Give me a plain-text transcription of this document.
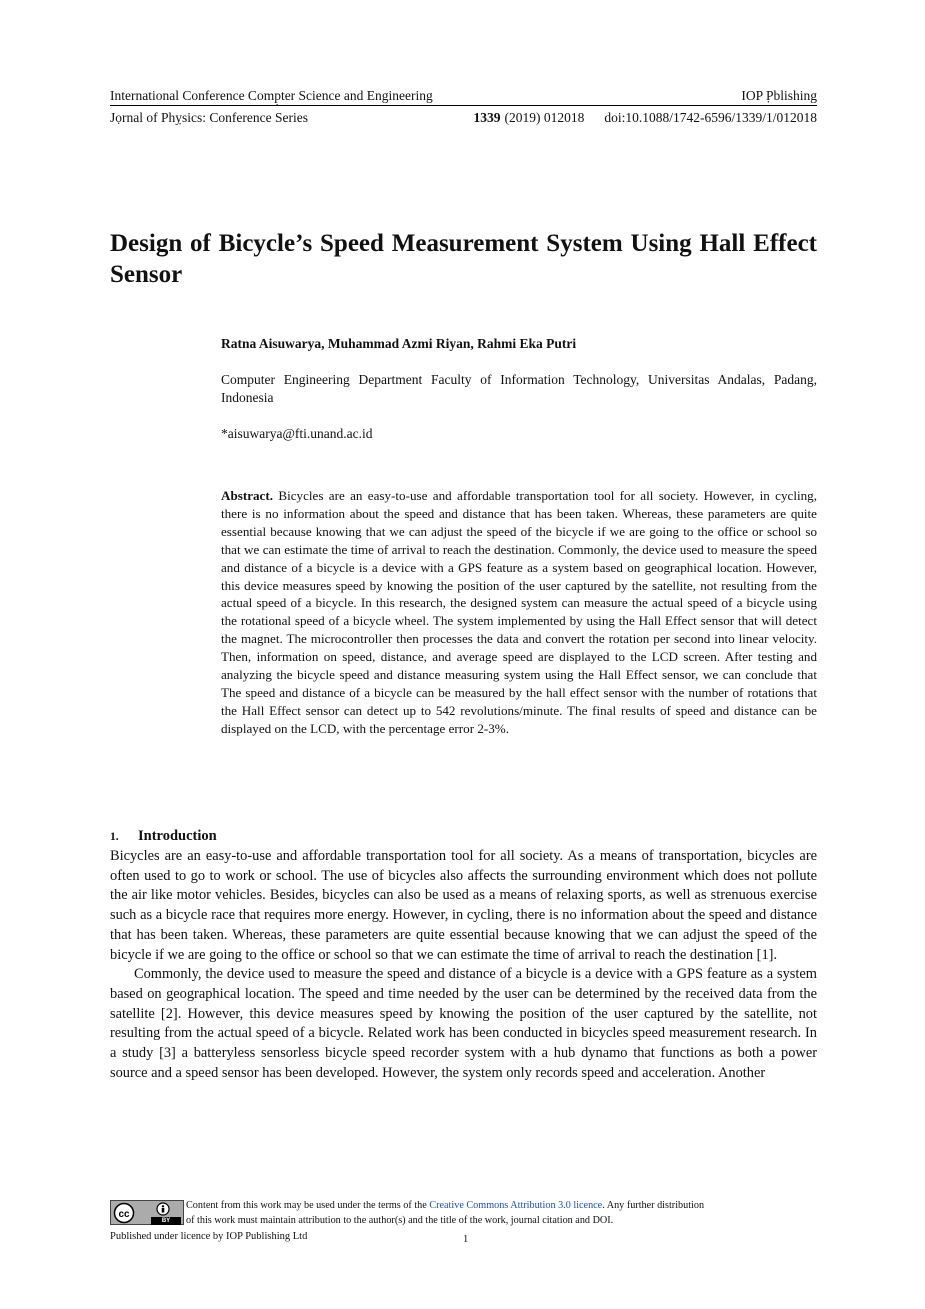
International Conference Comp̣ter Science and Engineering	IOP P̣blishing
Jọrnal of Phỵsics: Conference Series	1339 (2019) 012018 doi:10.1088/1742-6596/1339/1/012018
Design of Bicycle’s Speed Measurement System Using Hall Effect Sensor

Ratna Aisuwarya, Muhammad Azmi Riyan, Rahmi Eka Putri

Computer Engineering Department Faculty of Information Technology, Universitas Andalas, Padang, Indonesia

*aisuwarya@fti.unand.ac.id

Abstract. Bicycles are an easy-to-use and affordable transportation tool for all society. However, in cycling, there is no information about the speed and distance that has been taken. Whereas, these parameters are quite essential because knowing that we can adjust the speed of the bicycle if we are going to the office or school so that we can estimate the time of arrival to reach the destination. Commonly, the device used to measure the speed and distance of a bicycle is a device with a GPS feature as a system based on geographical location. However, this device measures speed by knowing the position of the user captured by the satellite, not resulting from the actual speed of a bicycle. In this research, the designed system can measure the actual speed of a bicycle using the rotational speed of a bicycle wheel. The system implemented by using the Hall Effect sensor that will detect the magnet. The microcontroller then processes the data and convert the rotation per second into linear velocity. Then, information on speed, distance, and average speed are displayed to the LCD screen. After testing and analyzing the bicycle speed and distance measuring system using the Hall Effect sensor, we can conclude that The speed and distance of a bicycle can be measured by the hall effect sensor with the number of rotations that the Hall Effect sensor can detect up to 542 revolutions/minute. The final results of speed and distance can be displayed on the LCD, with the percentage error 2-3%.

1. Introduction

Bicycles are an easy-to-use and affordable transportation tool for all society. As a means of transportation, bicycles are often used to go to work or school. The use of bicycles also affects the surrounding environment which does not pollute the air like motor vehicles. Besides, bicycles can also be used as a means of relaxing sports, as well as strenuous exercise such as a bicycle race that requires more energy. However, in cycling, there is no information about the speed and distance that has been taken. Whereas, these parameters are quite essential because knowing that we can adjust the speed of the bicycle if we are going to the office or school so that we can estimate the time of arrival to reach the destination [1].

Commonly, the device used to measure the speed and distance of a bicycle is a device with a GPS feature as a system based on geographical location. The speed and time needed by the user can be determined by the received data from the satellite [2]. However, this device measures speed by knowing the position of the user captured by the satellite, not resulting from the actual speed of a bicycle. Related work has been conducted in bicycles speed measurement research. In a study [3] a batteryless sensorless bicycle speed recorder system with a hub dynamo that functions as both a power source and a speed sensor has been developed. However, the system only records speed and acceleration. Another

cc
BY
Content from this work may be used under the terms of the Creative Commons Attribution 3.0 licence. Any further distribution
of this work must maintain attribution to the author(s) and the title of the work, journal citation and DOI.
Published under licence by IOP Publishing Ltd	1
